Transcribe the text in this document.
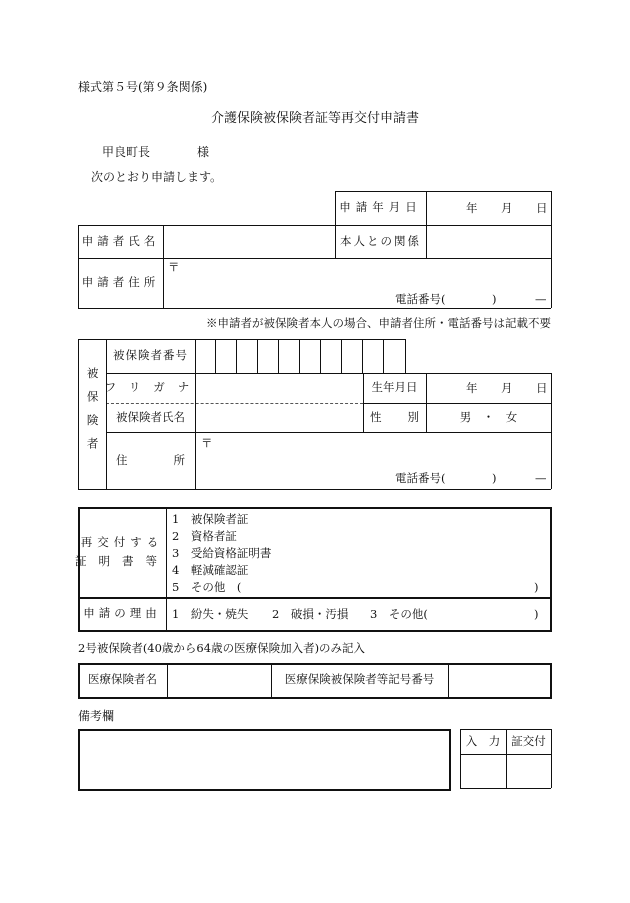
様式第５号(第９条関係)
介護保険被保険者証等再交付申請書
甲良町長	様
次のとおり申請します。
申請年月日	年 月 日
申請者氏名	本人との関係
申請者住所
〒
電話番号(	)	—
※申請者が被保険者本人の場合、申請者住所・電話番号は記載不要
被保険者
被保険者番号
フリガナ	生年月日	年 月 日
被保険者氏名	性別	男　・　女
住所
〒
電話番号(	)	—
再交付する
証明書等
1　被保険者証
2　資格者証
3　受給資格証明書
4　軽減確認証
5　その他　(	)
申請の理由 1　紛失・焼失 2　破損・汚損 3　その他(	)
2号被保険者(40歳から64歳の医療保険加入者)のみ記入
医療保険者名	医療保険被保険者等記号番号
備考欄
入　力 証交付
